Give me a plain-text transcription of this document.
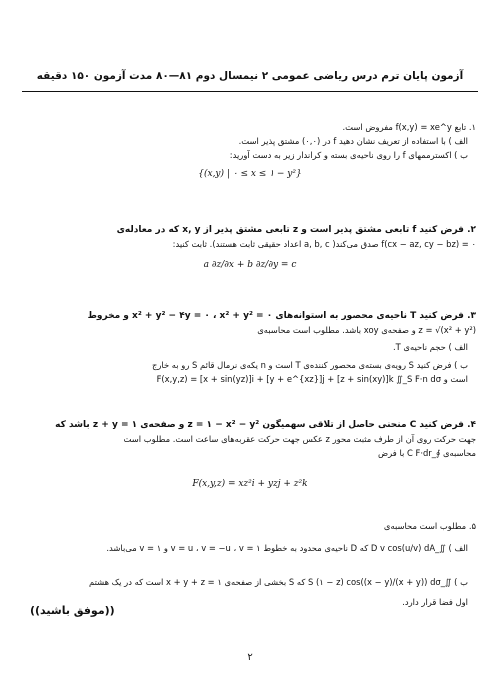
آزمون پایان ترم درس ریاضی عمومی ۲ نیمسال دوم ۸۱—۸۰ مدت آزمون ۱۵۰ دقیقه
۱. تابع f(x,y) = xe^y مفروض است.
الف ) با استفاده از تعریف نشان دهید f در (۰,۰) مشتق پذیر است.
ب ) اکسترممهای f را روی ناحیه‌ی بسته و کراندار زیر به دست آورید:
{(x,y) | ۰ ≤ x ≤ ۱ − y²}
۲. فرض کنید f تابعی مشتق پذیر است و z تابعی مشتق پذیر از x, y که در معادله‌ی
f(cx − az, cy − bz) = ۰ صدق می‌کند( a, b, c اعداد حقیقی ثابت هستند). ثابت کنید:
a ∂z/∂x + b ∂z/∂y = c
۳. فرض کنید T ناحیه‌ی محصور به استوانه‌های x² + y² − ۴y = ۰ ، x² + y² = ۰ و مخروط
z = √(x² + y²) و صفحه‌ی xoy باشد. مطلوب است محاسبه‌ی
الف ) حجم ناحیه‌ی T.
ب ) فرض کنید S رویه‌ی بسته‌ی محصور کننده‌ی T است و n یکه‌ی نرمال قائم S رو به خارج
است و F(x,y,z) = [x + sin(yz)]i + [y + e^{xz}]j + [z + sin(xy)]k ∬_S F·n dσ
۴. فرض کنید C منحنی حاصل از تلاقی سهمیگون z = ۱ − x² − y² و صفحه‌ی z + y = ۱ باشد که
جهت حرکت روی آن از طرف مثبت محور z عکس جهت حرکت عقربه‌های ساعت است. مطلوب است
محاسبه‌ی ∮_C F·dr با فرض
F(x,y,z) = xz²i + yzj + z²k
۵. مطلوب است محاسبه‌ی
الف ) ∬_D v cos(u/v) dA که D ناحیه‌ی محدود به خطوط v = u ، v = −u ، v = ۱ و v = ۱ می‌باشد.
ب ) ∬_S (۱ − z) cos((x − y)/(x + y)) dσ که S بخشی از صفحه‌ی x + y + z = ۱ است که در یک هشتم
اول فضا قرار دارد.
((موفق باشید))
۲
